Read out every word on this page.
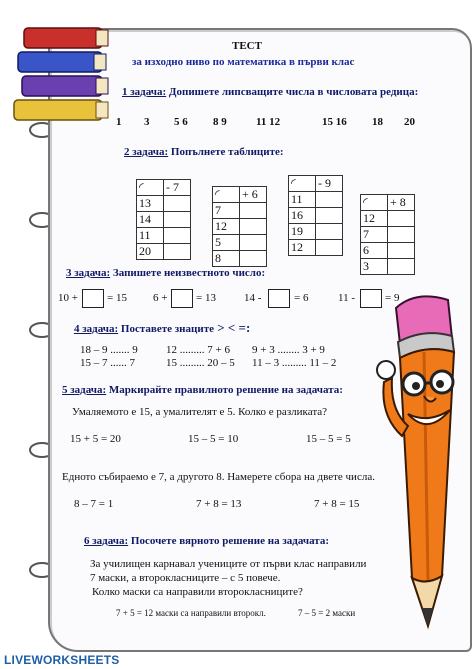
ТЕСТ
за изходно ниво по математика в първи клас
1 задача: Допишете липсващите числа в числовата редица:
1 3 5 6 8 9	11 12	15 16 18 20
2 задача: Попълнете таблиците:
◜	- 7
13	
14	
11	
20	
◜	+ 6
7	
12	
5	
8	
◜	- 9
11	
16	
19	
12	
◜	+ 8
12	
7	
6	
3	
3 задача: Запишете неизвестното число:
10 +	= 15 6 +	= 13	14 -	= 6	11 -	= 9
4 задача: Поставете знаците > < =:
18 – 9 ....... 9	12 ......... 7 + 6 9 + 3 ........ 3 + 9
15 – 7 ...... 7	15 ......... 20 – 5 11 – 3 ......... 11 – 2
5 задача: Маркирайте правилното решение на задачата:
Умаляемото е 15, а умалителят е 5. Колко е разликата?
15 + 5 = 20	15 – 5 = 10	15 – 5 = 5
Едното събираемо е 7, а другото 8. Намерете сбора на двете числа.
8 – 7 = 1	7 + 8 = 13	7 + 8 = 15
6 задача: Посочете вярното решение на задачата:
За училищен карнавал учениците от първи клас направили
7 маски, а второкласниците – с 5 повече.
Колко маски са направили второкласниците?
7 + 5 = 12 маски са направили второкл.	7 – 5 = 2 маски
LIVEWORKSHEETS
